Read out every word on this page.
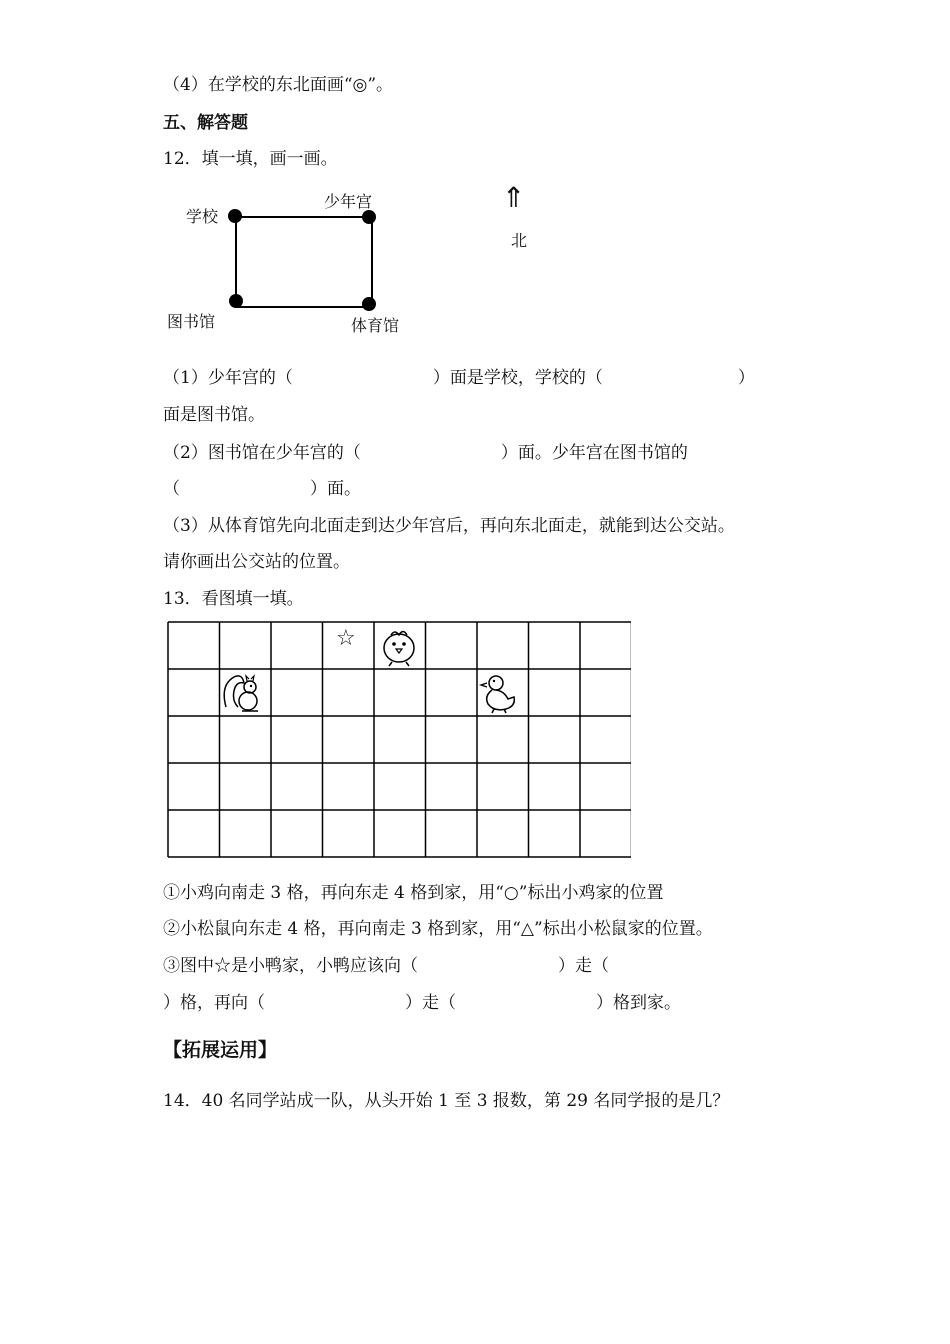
（4）在学校的东北面画“◎”。
五、解答题
12．填一填，画一画。
学校
少年宫
图书馆	体育馆
⇑
北
（1）少年宫的（	）面是学校，学校的（	）
面是图书馆。
（2）图书馆在少年宫的（	）面。少年宫在图书馆的
（	）面。
（3）从体育馆先向北面走到达少年宫后，再向东北面走，就能到达公交站。
请你画出公交站的位置。
13．看图填一填。
☆
①小鸡向南走 3 格，再向东走 4 格到家，用“○”标出小鸡家的位置
②小松鼠向东走 4 格，再向南走 3 格到家，用“△”标出小松鼠家的位置。
③图中☆是小鸭家，小鸭应该向（	）走（
）格，再向（	）走（	）格到家。
【拓展运用】
14．40 名同学站成一队，从头开始 1 至 3 报数，第 29 名同学报的是几？
